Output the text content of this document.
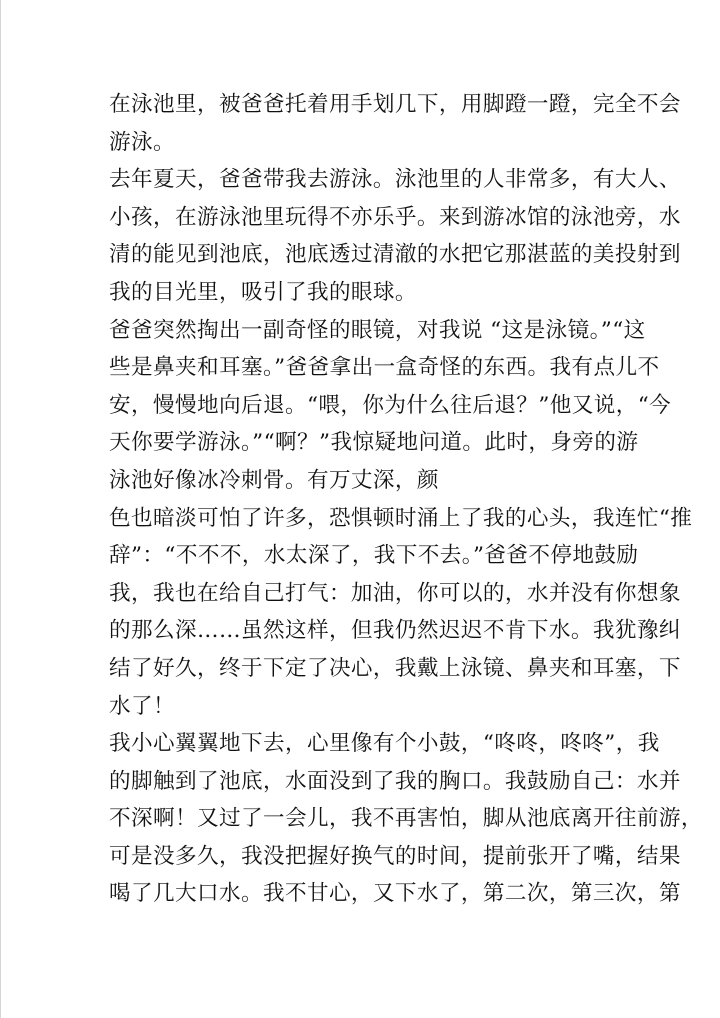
在泳池里，被爸爸托着用手划几下，用脚蹬一蹬，完全不会
游泳。
去年夏天，爸爸带我去游泳。泳池里的人非常多，有大人、
小孩，在游泳池里玩得不亦乐乎。来到游冰馆的泳池旁，水
清的能见到池底，池底透过清澈的水把它那湛蓝的美投射到
我的目光里，吸引了我的眼球。
爸爸突然掏出一副奇怪的眼镜，对我说 “这是泳镜。”“这
些是鼻夹和耳塞。”爸爸拿出一盒奇怪的东西。我有点儿不
安，慢慢地向后退。“喂，你为什么往后退？”他又说，“今
天你要学游泳。”“啊？”我惊疑地问道。此时，身旁的游
泳池好像冰冷刺骨。有万丈深，颜
色也暗淡可怕了许多，恐惧顿时涌上了我的心头，我连忙“推
辞”：“不不不，水太深了，我下不去。”爸爸不停地鼓励
我，我也在给自己打气：加油，你可以的，水并没有你想象
的那么深……虽然这样，但我仍然迟迟不肯下水。我犹豫纠
结了好久，终于下定了决心，我戴上泳镜、鼻夹和耳塞，下
水了！
我小心翼翼地下去，心里像有个小鼓，“咚咚，咚咚”，我
的脚触到了池底，水面没到了我的胸口。我鼓励自己：水并
不深啊！又过了一会儿，我不再害怕，脚从池底离开往前游，
可是没多久，我没把握好换气的时间，提前张开了嘴，结果
喝了几大口水。我不甘心，又下水了，第二次，第三次，第
